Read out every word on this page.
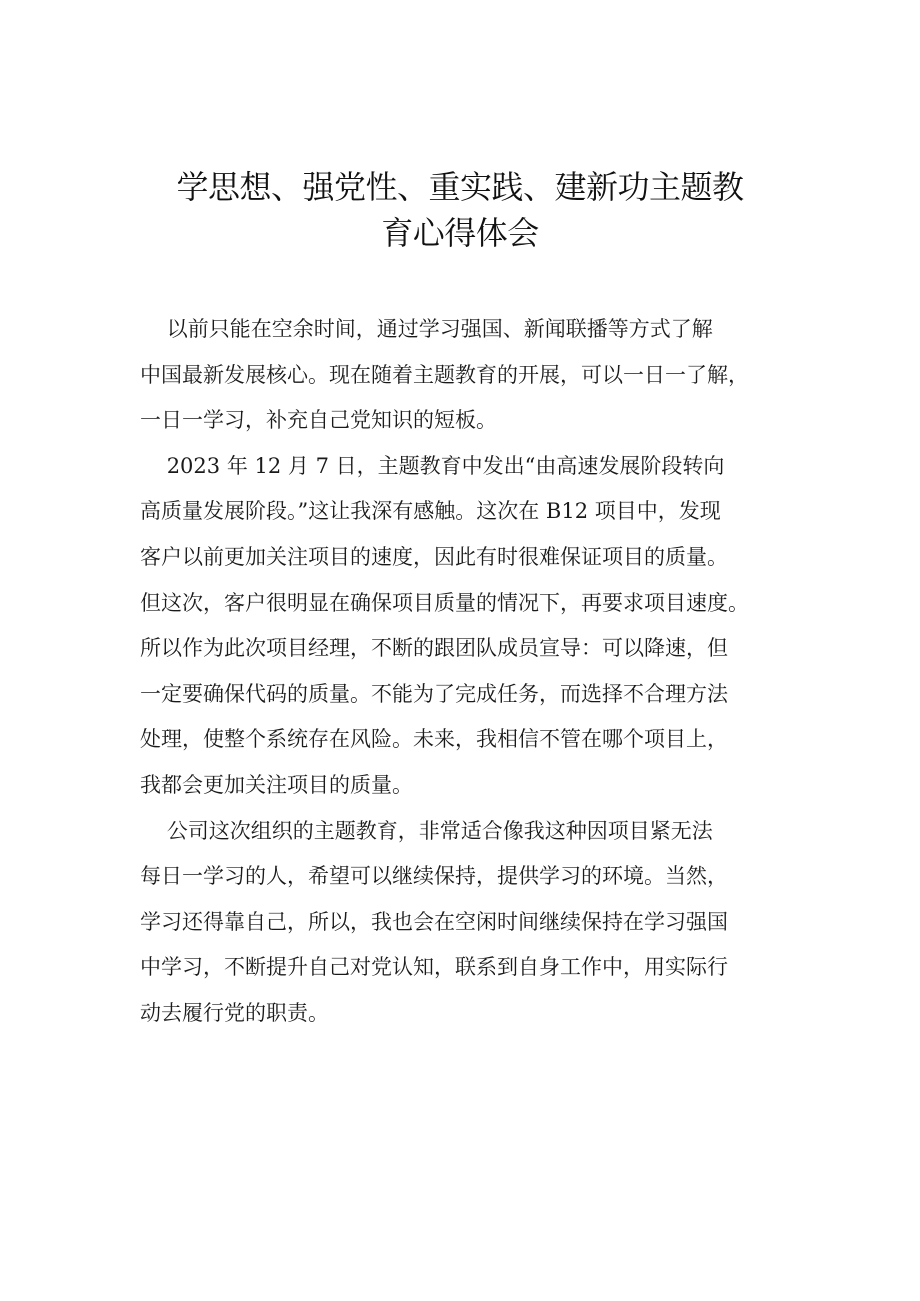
学思想、强党性、重实践、建新功主题教
育心得体会
以前只能在空余时间，通过学习强国、新闻联播等方式了解
中国最新发展核心。现在随着主题教育的开展，可以一日一了解，
一日一学习，补充自己党知识的短板。
2023 年 12 月 7 日，主题教育中发出“由高速发展阶段转向
高质量发展阶段。”这让我深有感触。这次在 B12 项目中，发现
客户以前更加关注项目的速度，因此有时很难保证项目的质量。
但这次，客户很明显在确保项目质量的情况下，再要求项目速度。
所以作为此次项目经理，不断的跟团队成员宣导：可以降速，但
一定要确保代码的质量。不能为了完成任务，而选择不合理方法
处理，使整个系统存在风险。未来，我相信不管在哪个项目上，
我都会更加关注项目的质量。
公司这次组织的主题教育，非常适合像我这种因项目紧无法
每日一学习的人，希望可以继续保持，提供学习的环境。当然，
学习还得靠自己，所以，我也会在空闲时间继续保持在学习强国
中学习，不断提升自己对党认知，联系到自身工作中，用实际行
动去履行党的职责。
